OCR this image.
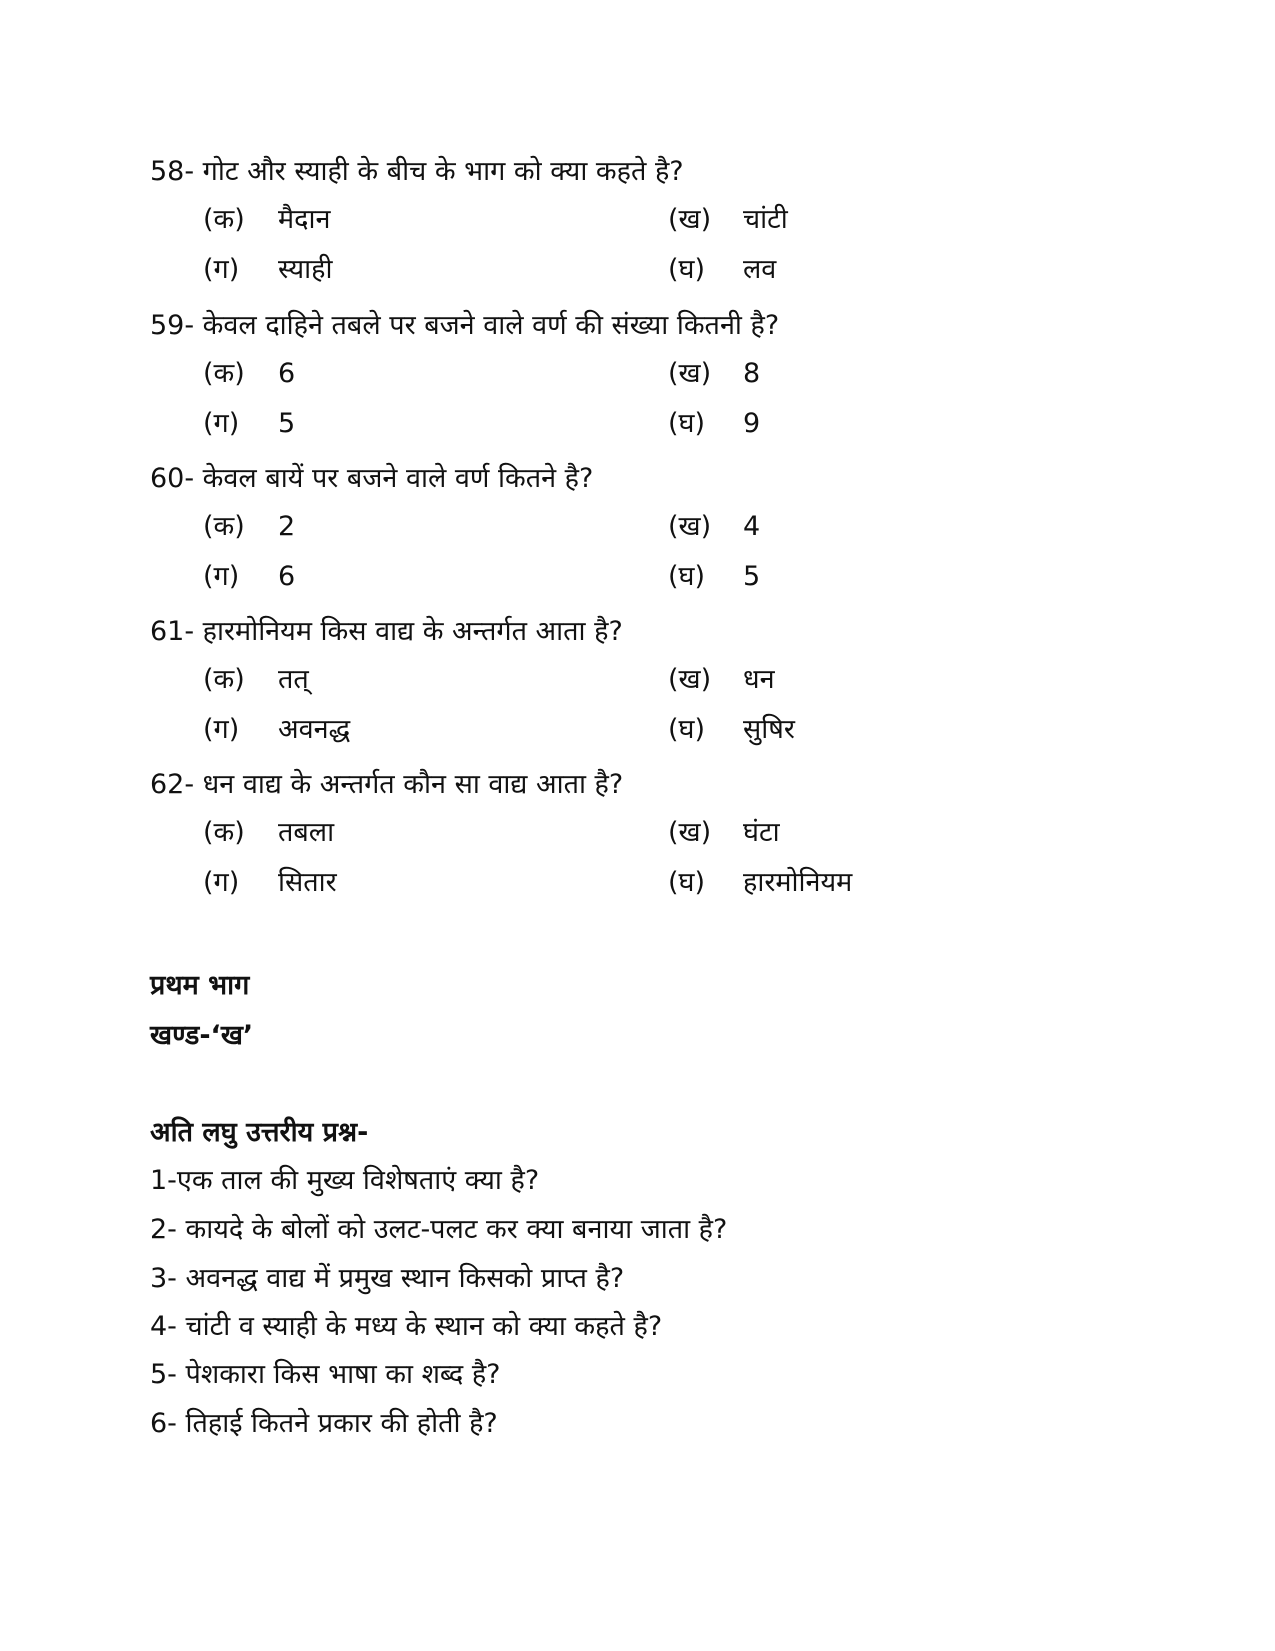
58- गोट और स्याही के बीच के भाग को क्या कहते है?
(क) मैदान	(ख) चांटी
(ग) स्याही	(घ) लव
59- केवल दाहिने तबले पर बजने वाले वर्ण की संख्या कितनी है?
(क) 6	(ख) 8
(ग) 5	(घ) 9
60- केवल बायें पर बजने वाले वर्ण कितने है?
(क) 2	(ख) 4
(ग) 6	(घ) 5
61- हारमोनियम किस वाद्य के अन्तर्गत आता है?
(क) तत्	(ख) धन
(ग) अवनद्ध	(घ) सुषिर
62- धन वाद्य के अन्तर्गत कौन सा वाद्य आता है?
(क) तबला	(ख) घंटा
(ग) सितार	(घ) हारमोनियम
प्रथम भाग
खण्ड-‘ख’
अति लघु उत्तरीय प्रश्न-
1-एक ताल की मुख्य विशेषताएं क्या है?
2- कायदे के बोलों को उलट-पलट कर क्या बनाया जाता है?
3- अवनद्ध वाद्य में प्रमुख स्थान किसको प्राप्त है?
4- चांटी व स्याही के मध्य के स्थान को क्या कहते है?
5- पेशकारा किस भाषा का शब्द है?
6- तिहाई कितने प्रकार की होती है?
